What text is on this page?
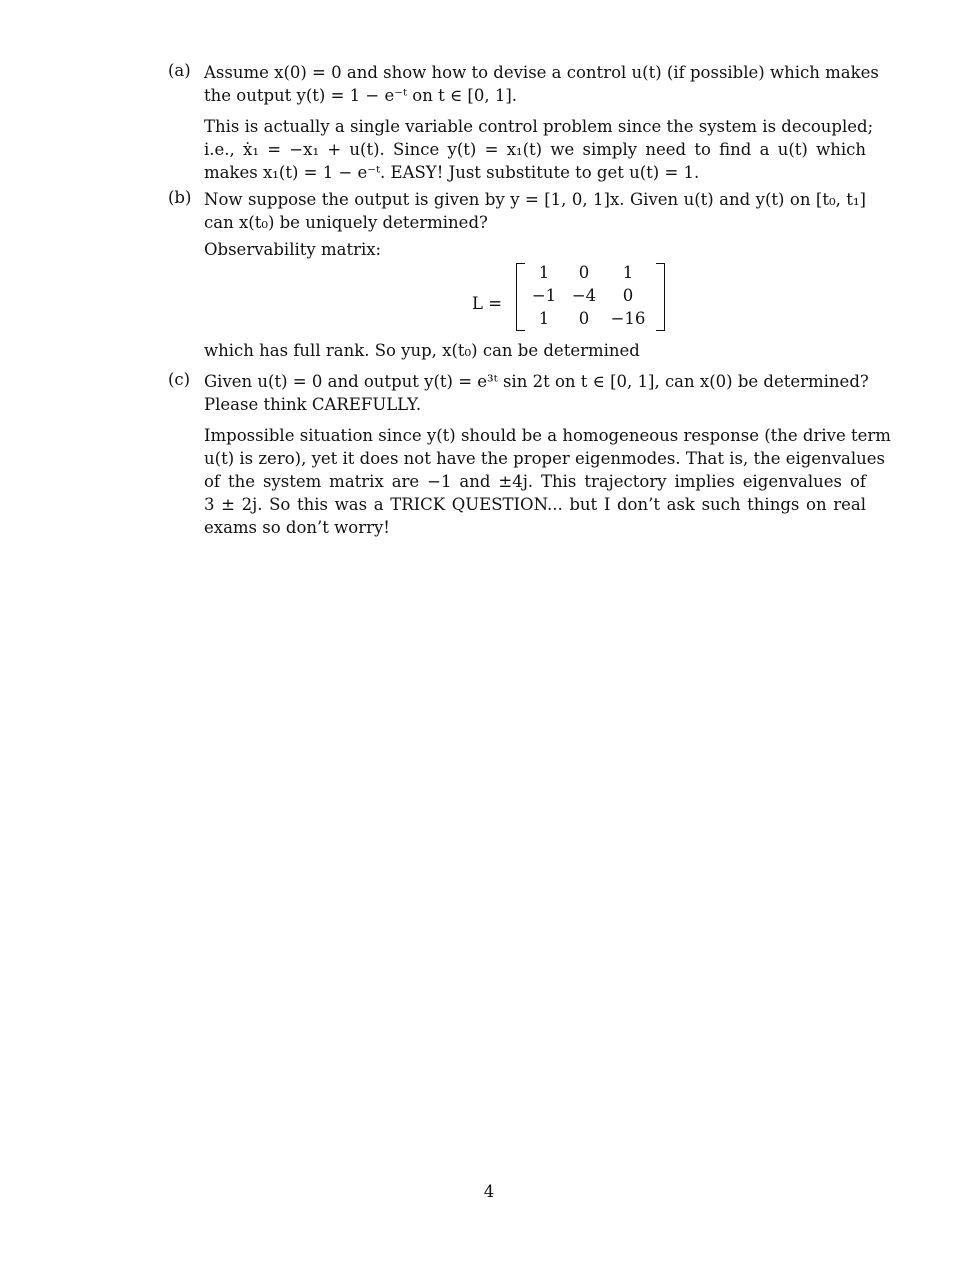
(a) Assume x(0) = 0 and show how to devise a control u(t) (if possible) which makes
the output y(t) = 1 − e⁻ᵗ on t ∈ [0, 1].
This is actually a single variable control problem since the system is decoupled;
i.e., ẋ₁ = −x₁ + u(t). Since y(t) = x₁(t) we simply need to find a u(t) which
makes x₁(t) = 1 − e⁻ᵗ. EASY! Just substitute to get u(t) = 1.
(b) Now suppose the output is given by y = [1, 0, 1]x. Given u(t) and y(t) on [t₀, t₁]
can x(t₀) be uniquely determined?
Observability matrix:
L =
1	0	1
−1 −4	0
1	0	−16
which has full rank. So yup, x(t₀) can be determined
(c) Given u(t) = 0 and output y(t) = e³ᵗ sin 2t on t ∈ [0, 1], can x(0) be determined?
Please think CAREFULLY.
Impossible situation since y(t) should be a homogeneous response (the drive term
u(t) is zero), yet it does not have the proper eigenmodes. That is, the eigenvalues
of the system matrix are −1 and ±4j. This trajectory implies eigenvalues of
3 ± 2j. So this was a TRICK QUESTION... but I don’t ask such things on real
exams so don’t worry!
4
